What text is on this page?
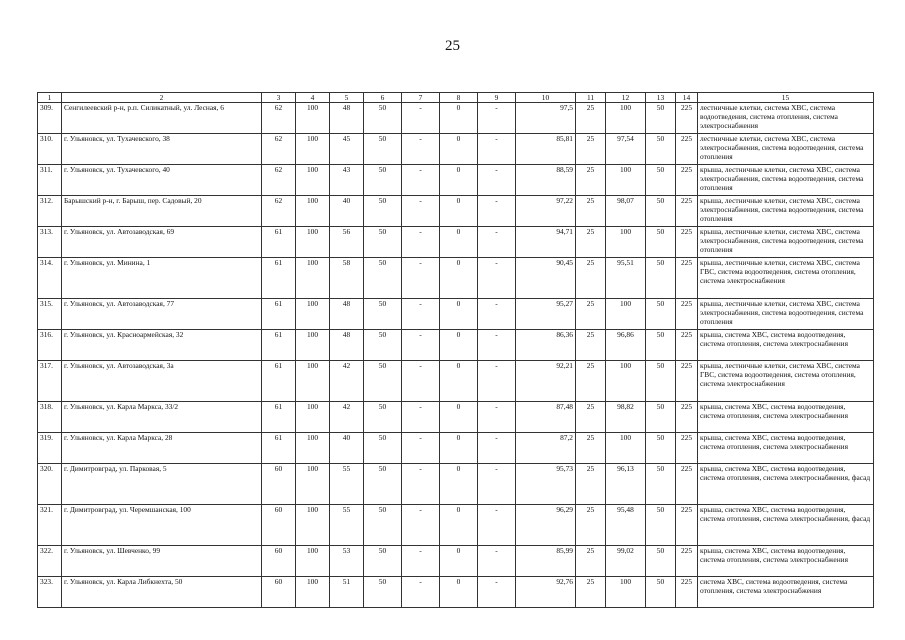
25
1	2	3	4	5	6	7	8	9	10	11	12	13	14	15
309.	Сенгилеевский р-н, р.п. Силикатный, ул. Лесная, 6	62	100	48	50	-	0	-	97,5	25	100	50	225	лестничные клетки, система ХВС, система водоотведения, система отопления, система электроснабжения
310.	г. Ульяновск, ул. Тухачевского, 38	62	100	45	50	-	0	-	85,81	25	97,54	50	225	лестничные клетки, система ХВС, система электроснабжения, система водоотведения, система отопления
311.	г. Ульяновск, ул. Тухачевского, 40	62	100	43	50	-	0	-	88,59	25	100	50	225	крыша, лестничные клетки, система ХВС, система электроснабжения, система водоотведения, система отопления
312.	Барышский р-н, г. Барыш, пер. Садовый, 20	62	100	40	50	-	0	-	97,22	25	98,07	50	225	крыша, лестничные клетки, система ХВС, система электроснабжения, система водоотведения, система отопления
313.	г. Ульяновск, ул. Автозаводская, 69	61	100	56	50	-	0	-	94,71	25	100	50	225	крыша, лестничные клетки, система ХВС, система электроснабжения, система водоотведения, система отопления
314.	г. Ульяновск, ул. Минина, 1	61	100	58	50	-	0	-	90,45	25	95,51	50	225	крыша, лестничные клетки, система ХВС, система ГВС, система водоотведения, система отопления, система электроснабжения
315.	г. Ульяновск, ул. Автозаводская, 77	61	100	48	50	-	0	-	95,27	25	100	50	225	крыша, лестничные клетки, система ХВС, система электроснабжения, система водоотведения, система отопления
316.	г. Ульяновск, ул. Красноармейская, 32	61	100	48	50	-	0	-	86,36	25	96,86	50	225	крыша, система ХВС, система водоотведения, система отопления, система электроснабжения
317.	г. Ульяновск, ул. Автозаводская, 3а	61	100	42	50	-	0	-	92,21	25	100	50	225	крыша, лестничные клетки, система ХВС, система ГВС, система водоотведения, система отопления, система электроснабжения
318.	г. Ульяновск, ул. Карла Маркса, 33/2	61	100	42	50	-	0	-	87,48	25	98,82	50	225	крыша, система ХВС, система водоотведения, система отопления, система электроснабжения
319.	г. Ульяновск, ул. Карла Маркса, 28	61	100	40	50	-	0	-	87,2	25	100	50	225	крыша, система ХВС, система водоотведения, система отопления, система электроснабжения
320.	г. Димитровград, ул. Парковая, 5	60	100	55	50	-	0	-	95,73	25	96,13	50	225	крыша, система ХВС, система водоотведения, система отопления, система электроснабжения, фасад
321.	г. Димитровград, ул. Черемшанская, 100	60	100	55	50	-	0	-	96,29	25	95,48	50	225	крыша, система ХВС, система водоотведения, система отопления, система электроснабжения, фасад
322.	г. Ульяновск, ул. Шевченко, 99	60	100	53	50	-	0	-	85,99	25	99,02	50	225	крыша, система ХВС, система водоотведения, система отопления, система электроснабжения
323.	г. Ульяновск, ул. Карла Либкнехта, 50	60	100	51	50	-	0	-	92,76	25	100	50	225	система ХВС, система водоотведения, система отопления, система электроснабжения
